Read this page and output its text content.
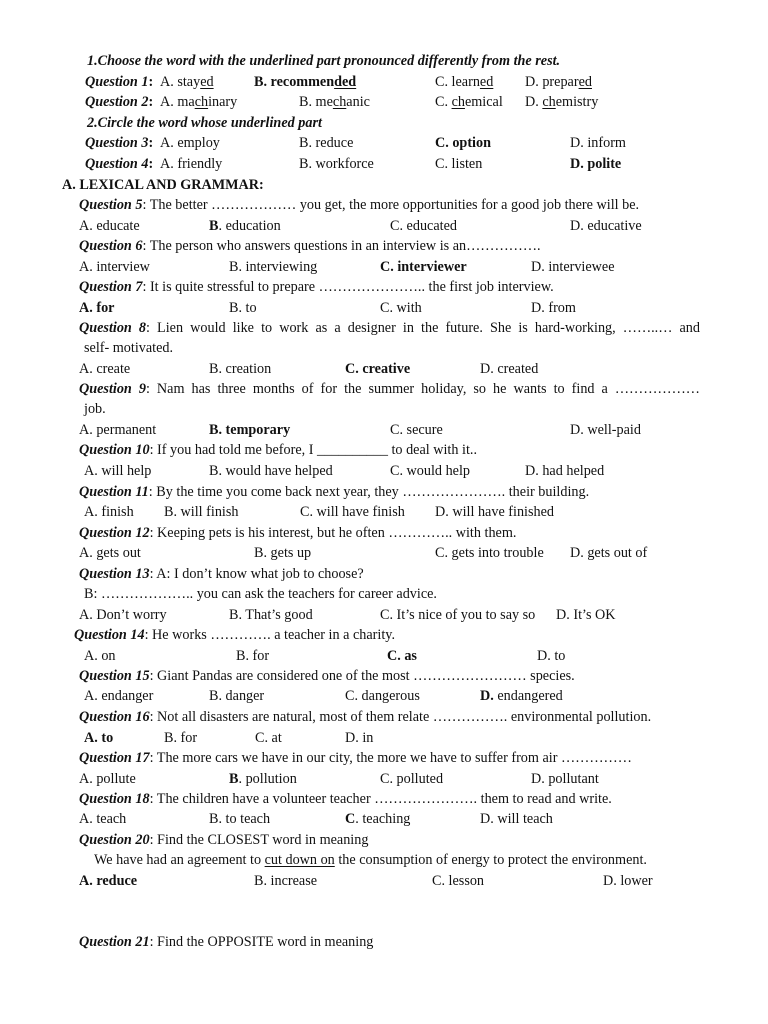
1.Choose the word with the underlined part pronounced differently from the rest.
Question 1: A. stayed	B. recommended	C. learned D. prepared
Question 2: A. machinary	B. mechanic	C. chemical D. chemistry
2.Circle the word whose underlined part
Question 3: A. employ	B. reduce	C. option	D. inform
Question 4: A. friendly	B. workforce	C. listen	D. polite
A. LEXICAL AND GRAMMAR:
Question 5: The better ……………… you get, the more opportunities for a good job there will be.
A. educate	B. education	C. educated	D. educative
Question 6: The person who answers questions in an interview is an…………….
A. interview	B. interviewing	C. interviewer	D. interviewee
Question 7: It is quite stressful to prepare ………………….. the first job interview.
A. for	B. to	C. with	D. from
Question 8: Lien would like to work as a designer in the future. She is hard-working, ……..… and
self- motivated.
A. create	B. creation	C. creative	D. created
Question 9: Nam has three months of for the summer holiday, so he wants to find a ………………
job.
A. permanent	B. temporary	C. secure	D. well-paid
Question 10: If you had told me before, I __________ to deal with it..
A. will help	B. would have helped	C. would help	D. had helped
Question 11: By the time you come back next year, they …………………. their building.
A. finish B. will finish	C. will have finish D. will have finished
Question 12: Keeping pets is his interest, but he often ………….. with them.
A. gets out	B. gets up	C. gets into trouble D. gets out of
Question 13: A: I don’t know what job to choose?
B: ……………….. you can ask the teachers for career advice.
A. Don’t worry	B. That’s good	C. It’s nice of you to say so D. It’s OK
Question 14: He works …………. a teacher in a charity.
A. on	B. for	C. as	D. to
Question 15: Giant Pandas are considered one of the most …………………… species.
A. endanger	B. danger	C. dangerous	D. endangered
Question 16: Not all disasters are natural, most of them relate ……………. environmental pollution.
A. to	B. for	C. at	D. in
Question 17: The more cars we have in our city, the more we have to suffer from air ……………
A. pollute	B. pollution	C. polluted	D. pollutant
Question 18: The children have a volunteer teacher …………………. them to read and write.
A. teach	B. to teach	C. teaching	D. will teach
Question 20: Find the CLOSEST word in meaning
We have had an agreement to cut down on the consumption of energy to protect the environment.
A. reduce	B. increase	C. lesson	D. lower
Question 21: Find the OPPOSITE word in meaning
